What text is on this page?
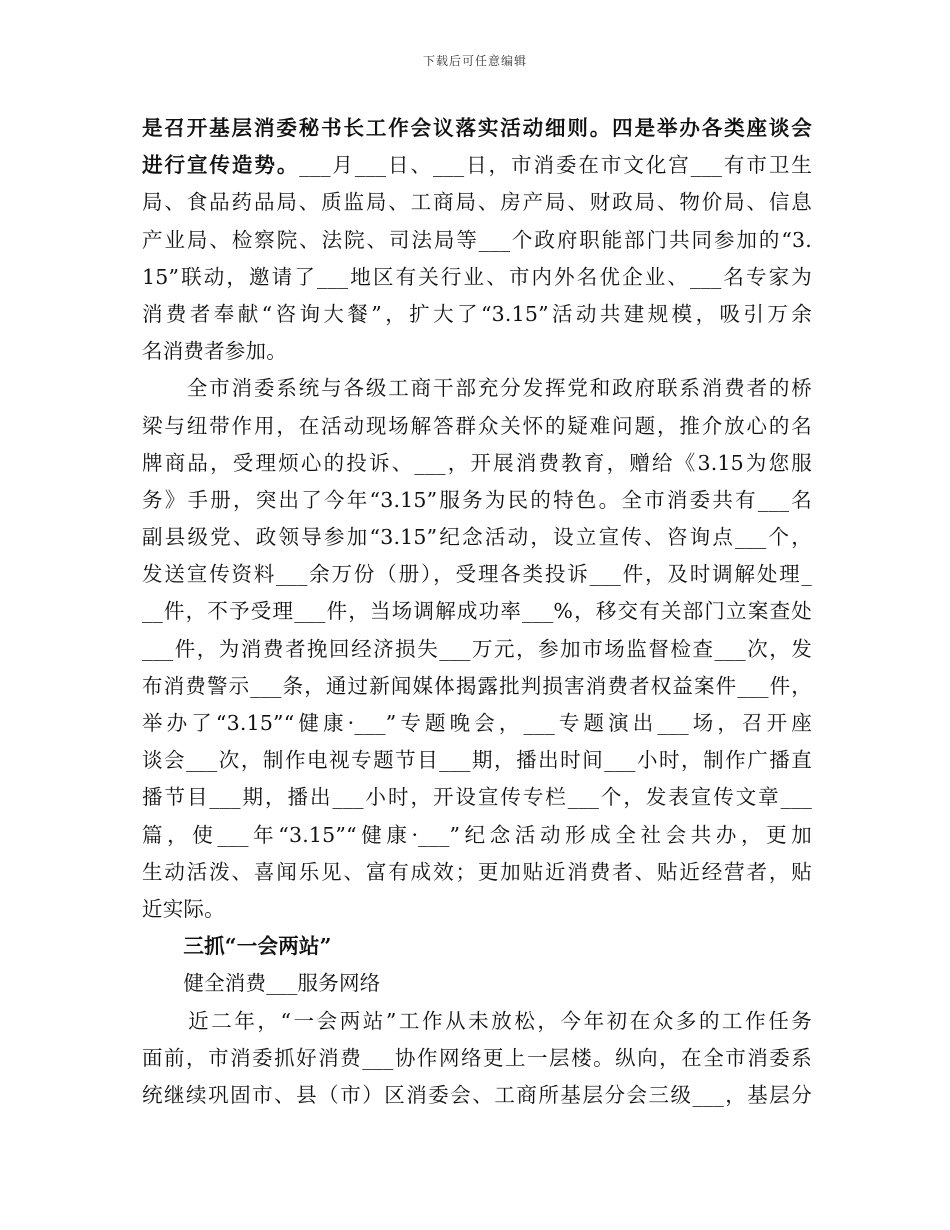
下载后可任意编辑
是召开基层消委秘书长工作会议落实活动细则。四是举办各类座谈会
进行宣传造势。___月___日、___日，市消委在市文化宫___有市卫生
局、食品药品局、质监局、工商局、房产局、财政局、物价局、信息
产业局、检察院、法院、司法局等___个政府职能部门共同参加的“3.
15”联动，邀请了___地区有关行业、市内外名优企业、___名专家为
消费者奉献“咨询大餐”，扩大了“3.15”活动共建规模，吸引万余
名消费者参加。
　　全市消委系统与各级工商干部充分发挥党和政府联系消费者的桥
梁与纽带作用，在活动现场解答群众关怀的疑难问题，推介放心的名
牌商品，受理烦心的投诉、___，开展消费教育，赠给《3.15为您服
务》手册，突出了今年“3.15”服务为民的特色。全市消委共有___名
副县级党、政领导参加“3.15”纪念活动，设立宣传、咨询点___个，
发送宣传资料___余万份（册），受理各类投诉___件，及时调解处理_
__件，不予受理___件，当场调解成功率___%，移交有关部门立案查处
___件，为消费者挽回经济损失___万元，参加市场监督检查___次，发
布消费警示___条，通过新闻媒体揭露批判损害消费者权益案件___件，
举办了“3.15”“健康·___”专题晚会，___专题演出___场，召开座
谈会___次，制作电视专题节目___期，播出时间___小时，制作广播直
播节目___期，播出___小时，开设宣传专栏___个，发表宣传文章___
篇，使___年“3.15”“健康·___”纪念活动形成全社会共办，更加
生动活泼、喜闻乐见、富有成效；更加贴近消费者、贴近经营者，贴
近实际。
　　三抓“一会两站”
　　健全消费___服务网络
　　近二年，“一会两站”工作从未放松，今年初在众多的工作任务
面前，市消委抓好消费___协作网络更上一层楼。纵向，在全市消委系
统继续巩固市、县（市）区消委会、工商所基层分会三级___，基层分
